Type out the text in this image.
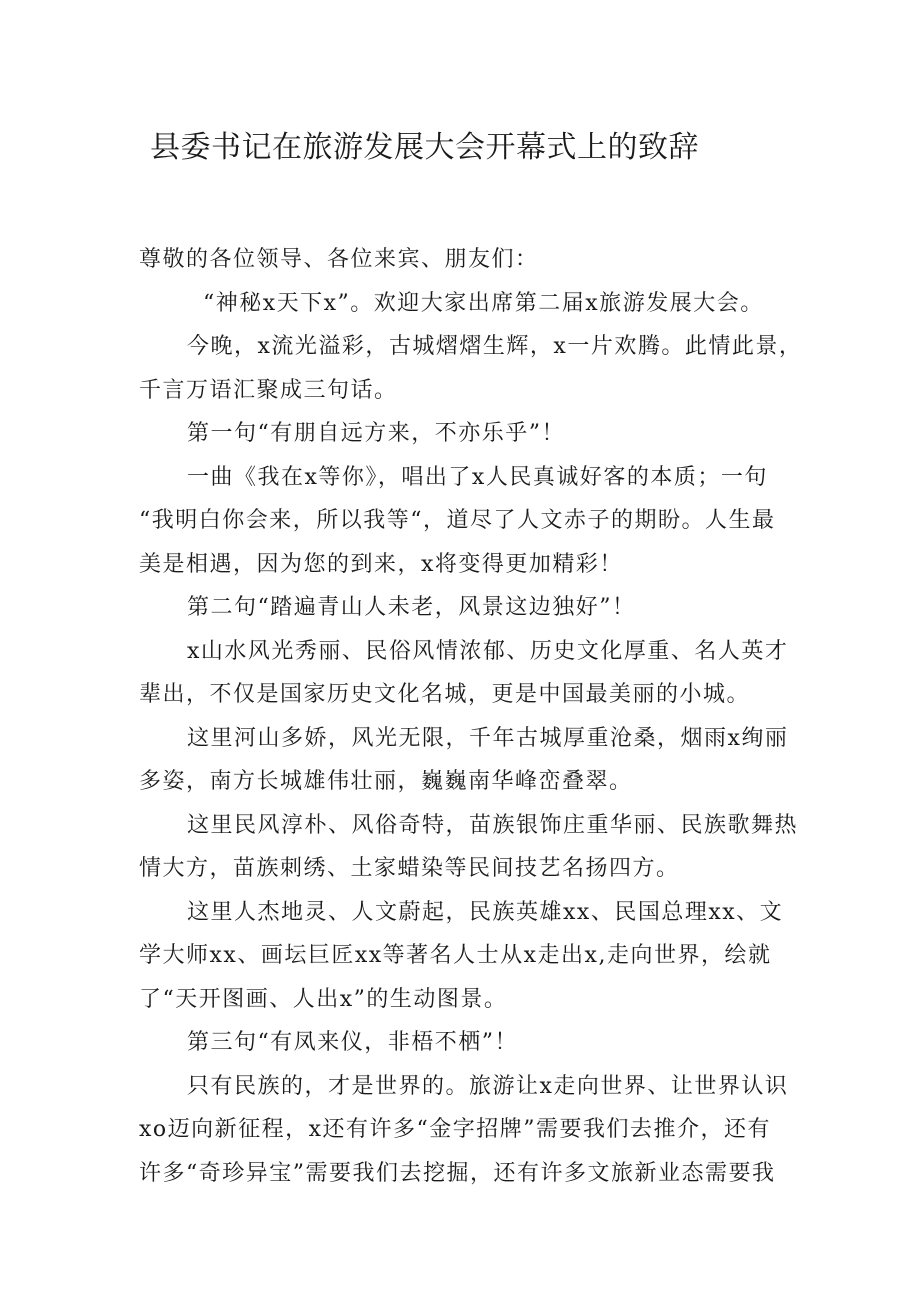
县委书记在旅游发展大会开幕式上的致辞
尊敬的各位领导、各位来宾、朋友们：
“神秘x天下x”。欢迎大家出席第二届x旅游发展大会。
今晚，x流光溢彩，古城熠熠生辉，x一片欢腾。此情此景，
千言万语汇聚成三句话。
第一句“有朋自远方来，不亦乐乎”！
一曲《我在x等你》，唱出了x人民真诚好客的本质；一句
“我明白你会来，所以我等“，道尽了人文赤子的期盼。人生最
美是相遇，因为您的到来，x将变得更加精彩！
第二句“踏遍青山人未老，风景这边独好”！
x山水风光秀丽、民俗风情浓郁、历史文化厚重、名人英才
辈出，不仅是国家历史文化名城，更是中国最美丽的小城。
这里河山多娇，风光无限，千年古城厚重沧桑，烟雨x绚丽
多姿，南方长城雄伟壮丽，巍巍南华峰峦叠翠。
这里民风淳朴、风俗奇特，苗族银饰庄重华丽、民族歌舞热
情大方，苗族刺绣、土家蜡染等民间技艺名扬四方。
这里人杰地灵、人文蔚起，民族英雄xx、民国总理xx、文
学大师xx、画坛巨匠xx等著名人士从x走出x,走向世界，绘就
了“天开图画、人出x”的生动图景。
第三句“有凤来仪，非梧不栖”！
只有民族的，才是世界的。旅游让x走向世界、让世界认识
xo迈向新征程，x还有许多“金字招牌”需要我们去推介，还有
许多“奇珍异宝”需要我们去挖掘，还有许多文旅新业态需要我
